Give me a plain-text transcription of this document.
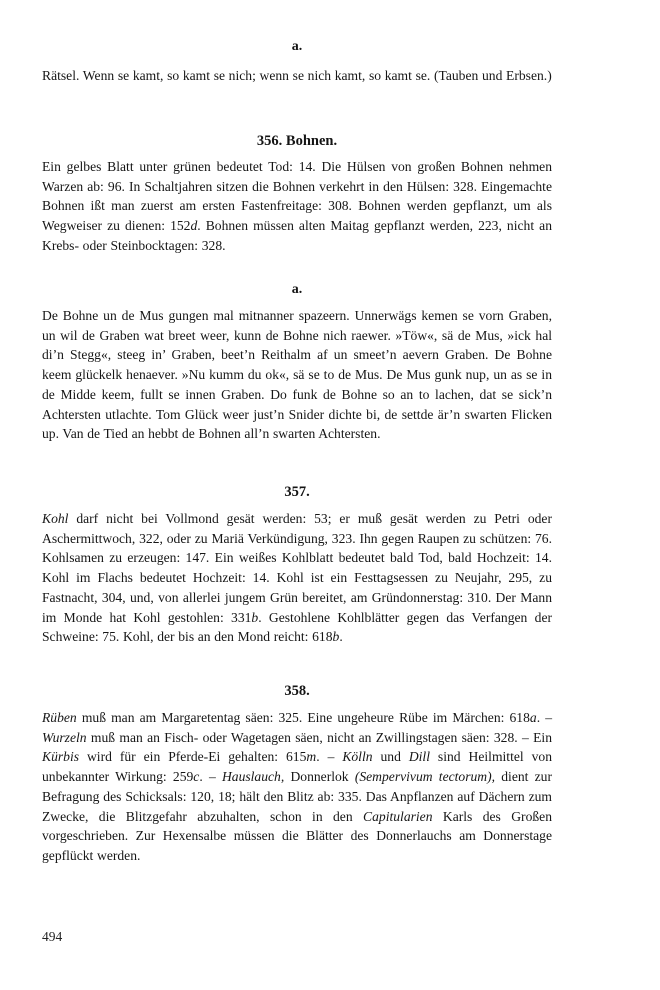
a.

Rätsel. Wenn se kamt, so kamt se nich; wenn se nich kamt, so kamt se. (Tauben und Erbsen.)

356. Bohnen.

Ein gelbes Blatt unter grünen bedeutet Tod: 14. Die Hülsen von großen Bohnen nehmen Warzen ab: 96. In Schaltjahren sitzen die Bohnen verkehrt in den Hülsen: 328. Eingemachte Bohnen ißt man zuerst am ersten Fastenfreitage: 308. Bohnen werden gepflanzt, um als Wegweiser zu dienen: 152d. Bohnen müssen alten Maitag gepflanzt werden, 223, nicht an Krebs- oder Steinbocktagen: 328.

a.

De Bohne un de Mus gungen mal mitnanner spazeern. Unnerwägs kemen se vorn Graben, un wil de Graben wat breet weer, kunn de Bohne nich raewer. »Töw«, sä de Mus, »ick hal di’n Stegg«, steeg in’ Graben, beet’n Reithalm af un smeet’n aevern Graben. De Bohne keem glückelk henaever. »Nu kumm du ok«, sä se to de Mus. De Mus gunk nup, un as se in de Midde keem, fullt se innen Graben. Do funk de Bohne so an to lachen, dat se sick’n Achtersten utlachte. Tom Glück weer just’n Snider dichte bi, de settde är’n swarten Flicken up. Van de Tied an hebbt de Bohnen all’n swarten Achtersten.

357.

Kohl darf nicht bei Vollmond gesät werden: 53; er muß gesät werden zu Petri oder Aschermittwoch, 322, oder zu Mariä Verkündigung, 323. Ihn gegen Raupen zu schützen: 76. Kohlsamen zu erzeugen: 147. Ein weißes Kohlblatt bedeutet bald Tod, bald Hochzeit: 14. Kohl im Flachs bedeutet Hochzeit: 14. Kohl ist ein Festtagsessen zu Neujahr, 295, zu Fastnacht, 304, und, von allerlei jungem Grün bereitet, am Gründonnerstag: 310. Der Mann im Monde hat Kohl gestohlen: 331b. Gestohlene Kohlblätter gegen das Verfangen der Schweine: 75. Kohl, der bis an den Mond reicht: 618b.

358.

Rüben muß man am Margaretentag säen: 325. Eine ungeheure Rübe im Märchen: 618a. – Wurzeln muß man an Fisch- oder Wagetagen säen, nicht an Zwillingstagen säen: 328. – Ein Kürbis wird für ein Pferde-Ei gehalten: 615m. – Kölln und Dill sind Heilmittel von unbekannter Wirkung: 259c. – Hauslauch, Donnerlok (Sempervivum tectorum), dient zur Befragung des Schicksals: 120, 18; hält den Blitz ab: 335. Das Anpflanzen auf Dächern zum Zwecke, die Blitzgefahr abzuhalten, schon in den Capitularien Karls des Großen vorgeschrieben. Zur Hexensalbe müssen die Blätter des Donnerlauchs am Donnerstage gepflückt werden.

494
